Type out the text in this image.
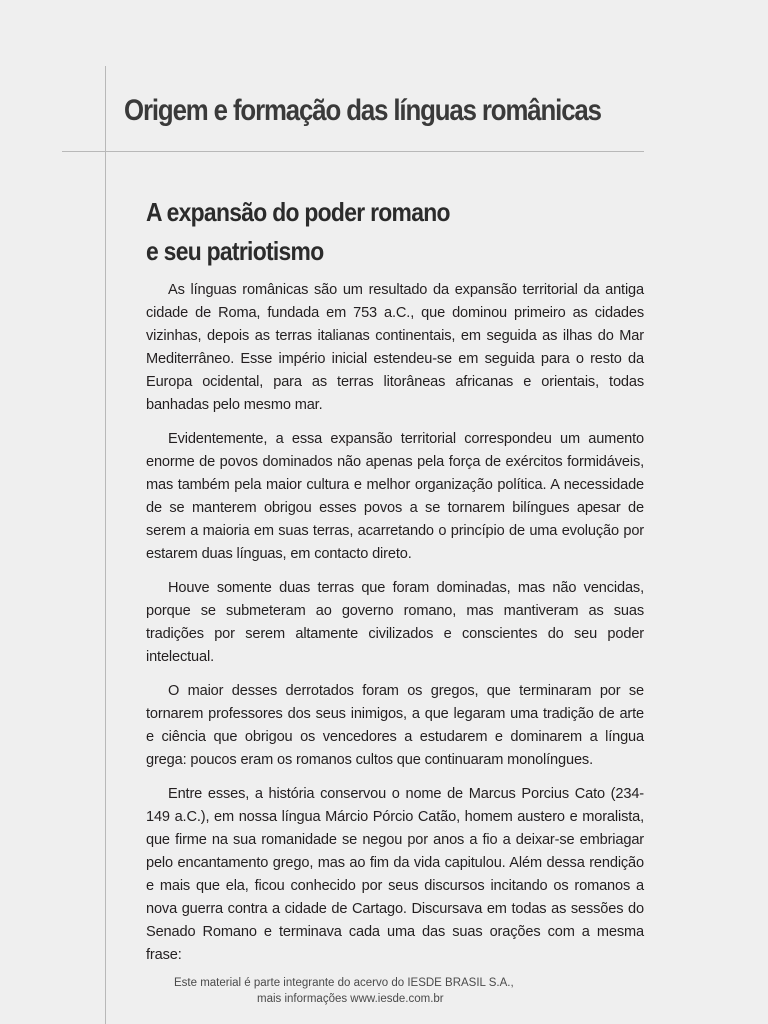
Origem e formação das línguas românicas
A expansão do poder romano
e seu patriotismo

As línguas românicas são um resultado da expansão territorial da antiga cidade de Roma, fundada em 753 a.C., que dominou primeiro as cidades vizinhas, depois as terras italianas continentais, em seguida as ilhas do Mar Mediterrâneo. Esse império inicial estendeu-se em seguida para o resto da Europa ocidental, para as terras litorâneas africanas e orientais, todas banhadas pelo mesmo mar.

Evidentemente, a essa expansão territorial correspondeu um aumento enorme de povos dominados não apenas pela força de exércitos formidáveis, mas também pela maior cultura e melhor organização política. A necessidade de se manterem obrigou esses povos a se tornarem bilíngues apesar de serem a maioria em suas terras, acarretando o princípio de uma evolução por estarem duas línguas, em contacto direto.

Houve somente duas terras que foram dominadas, mas não vencidas, porque se submeteram ao governo romano, mas mantiveram as suas tradições por serem altamente civilizados e conscientes do seu poder intelectual.

O maior desses derrotados foram os gregos, que terminaram por se tornarem professores dos seus inimigos, a que legaram uma tradição de arte e ciência que obrigou os vencedores a estudarem e dominarem a língua grega: poucos eram os romanos cultos que continuaram monolíngues.

Entre esses, a história conservou o nome de Marcus Porcius Cato (234-149 a.C.), em nossa língua Márcio Pórcio Catão, homem austero e moralista, que firme na sua romanidade se negou por anos a fio a deixar-se embriagar pelo encantamento grego, mas ao fim da vida capitulou. Além dessa rendição e mais que ela, ficou conhecido por seus discursos incitando os romanos a nova guerra contra a cidade de Cartago. Discursava em todas as sessões do Senado Romano e terminava cada uma das suas orações com a mesma frase:

Este material é parte integrante do acervo do IESDE BRASIL S.A.,
mais informações www.iesde.com.br
